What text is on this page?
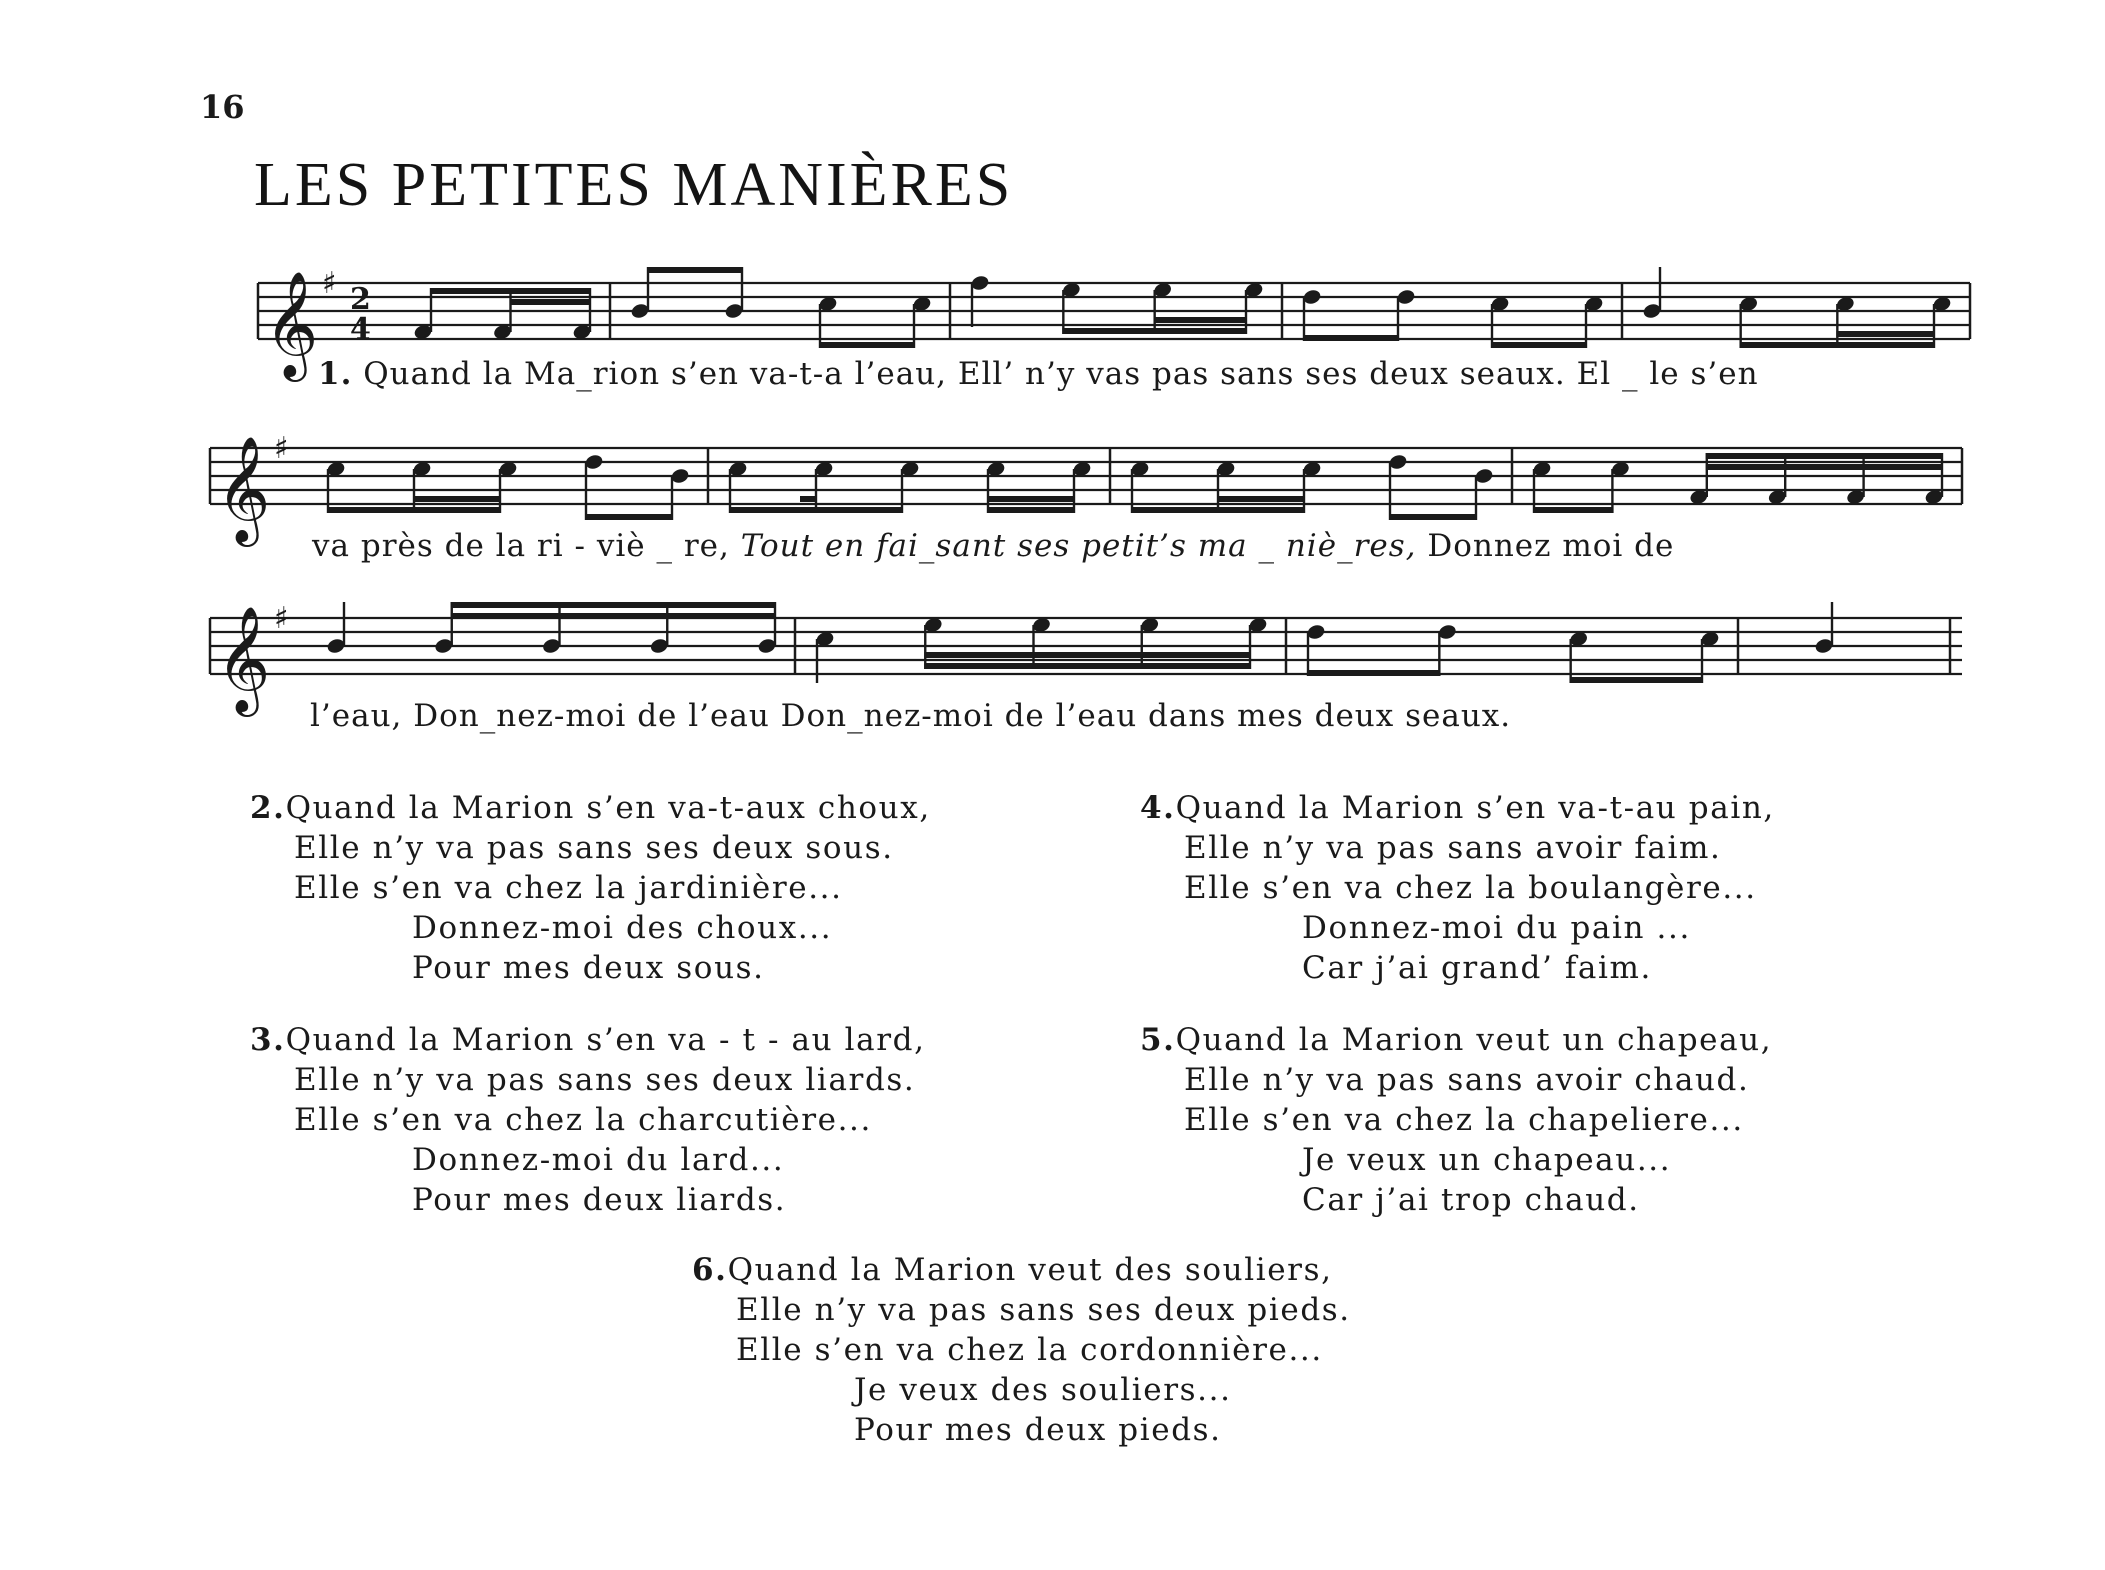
16
LES PETITES MANIÈRES
𝄞 ♯ 2
4

1. Quand la Ma_rion s’en va-t-a l’eau, Ell’ n’y vas pas sans ses deux seaux. El _ le s’en

𝄞 ♯

va près de la ri - viè _ re, Tout en fai_sant ses petit’s ma _ niè_res, Donnez moi de

𝄞 ♯

l’eau, Don_nez-moi de l’eau Don_nez-moi de l’eau dans mes deux seaux.

2.Quand la Marion s’en va-t-aux choux,
Elle n’y va pas sans ses deux sous.
Elle s’en va chez la jardinière...
Donnez-moi des choux...
Pour mes deux sous.
4.Quand la Marion s’en va-t-au pain,
Elle n’y va pas sans avoir faim.
Elle s’en va chez la boulangère...
Donnez-moi du pain ...
Car j’ai grand’ faim.
3.Quand la Marion s’en va - t - au lard,
Elle n’y va pas sans ses deux liards.
Elle s’en va chez la charcutière...
Donnez-moi du lard...
Pour mes deux liards.
5.Quand la Marion veut un chapeau,
Elle n’y va pas sans avoir chaud.
Elle s’en va chez la chapeliere...
Je veux un chapeau...
Car j’ai trop chaud.
6.Quand la Marion veut des souliers,
Elle n’y va pas sans ses deux pieds.
Elle s’en va chez la cordonnière...
Je veux des souliers...
Pour mes deux pieds.
